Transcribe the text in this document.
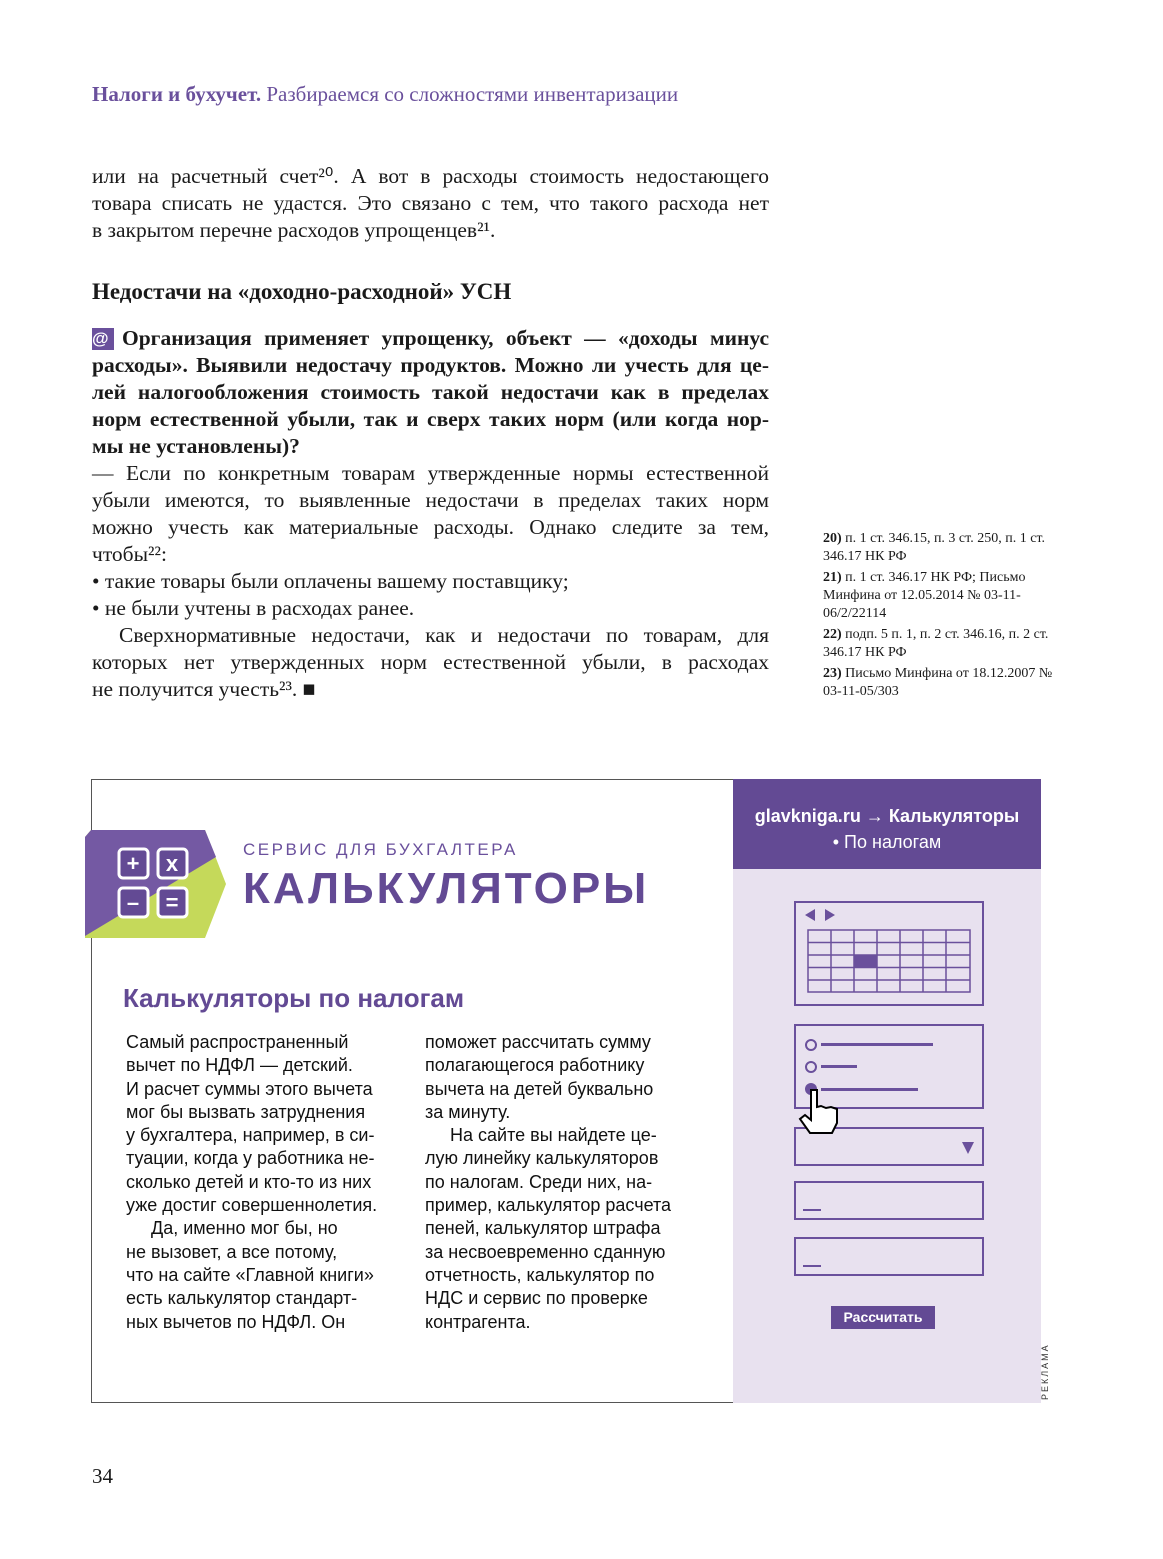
Налоги и бухучет. Разбираемся со сложностями инвентаризации
или на расчетный счет²⁰. А вот в расходы стоимость недостающего
товара списать не удастся. Это связано с тем, что такого расхода нет
в закрытом перечне расходов упрощенцев²¹.
Недостачи на «доходно-расходной» УСН
@ Организация применяет упрощенку, объект — «доходы минус
расходы». Выявили недостачу продуктов. Можно ли учесть для це-
лей налогообложения стоимость такой недостачи как в пределах
норм естественной убыли, так и сверх таких норм (или когда нор-
мы не установлены)?
— Если по конкретным товарам утвержденные нормы естественной
убыли имеются, то выявленные недостачи в пределах таких норм
можно учесть как материальные расходы. Однако следите за тем,
чтобы²²:
• такие товары были оплачены вашему поставщику;
• не были учтены в расходах ранее.
Сверхнормативные недостачи, как и недостачи по товарам, для
которых нет утвержденных норм естественной убыли, в расходах
не получится учесть²³. ■
20) п. 1 ст. 346.15, п. 3 ст. 250, п. 1 ст. 346.17 НК РФ
21) п. 1 ст. 346.17 НК РФ; Письмо Минфина от 12.05.2014 № 03-11-06/2/22114
22) подп. 5 п. 1, п. 2 ст. 346.16, п. 2 ст. 346.17 НК РФ
23) Письмо Минфина от 18.12.2007 № 03-11-05/303
glavkniga.ru → Калькуляторы
• По налогам
+ x
– =
СЕРВИС ДЛЯ БУХГАЛТЕРА
КАЛЬКУЛЯТОРЫ
Калькуляторы по налогам
Самый распространенный
вычет по НДФЛ — детский.
И расчет суммы этого вычета
мог бы вызвать затруднения
у бухгалтера, например, в си-
туации, когда у работника не-
сколько детей и кто-то из них
уже достиг совершеннолетия.
Да, именно мог бы, но
не вызовет, а все потому,
что на сайте «Главной книги»
есть калькулятор стандарт-
ных вычетов по НДФЛ. Он
поможет рассчитать сумму
полагающегося работнику
вычета на детей буквально
за минуту.
На сайте вы найдете це-
лую линейку калькуляторов
по налогам. Среди них, на-
пример, калькулятор расчета
пеней, калькулятор штрафа
за несвоевременно сданную
отчетность, калькулятор по
НДС и сервис по проверке
контрагента.	Рассчитать
РЕКЛАМА
34
